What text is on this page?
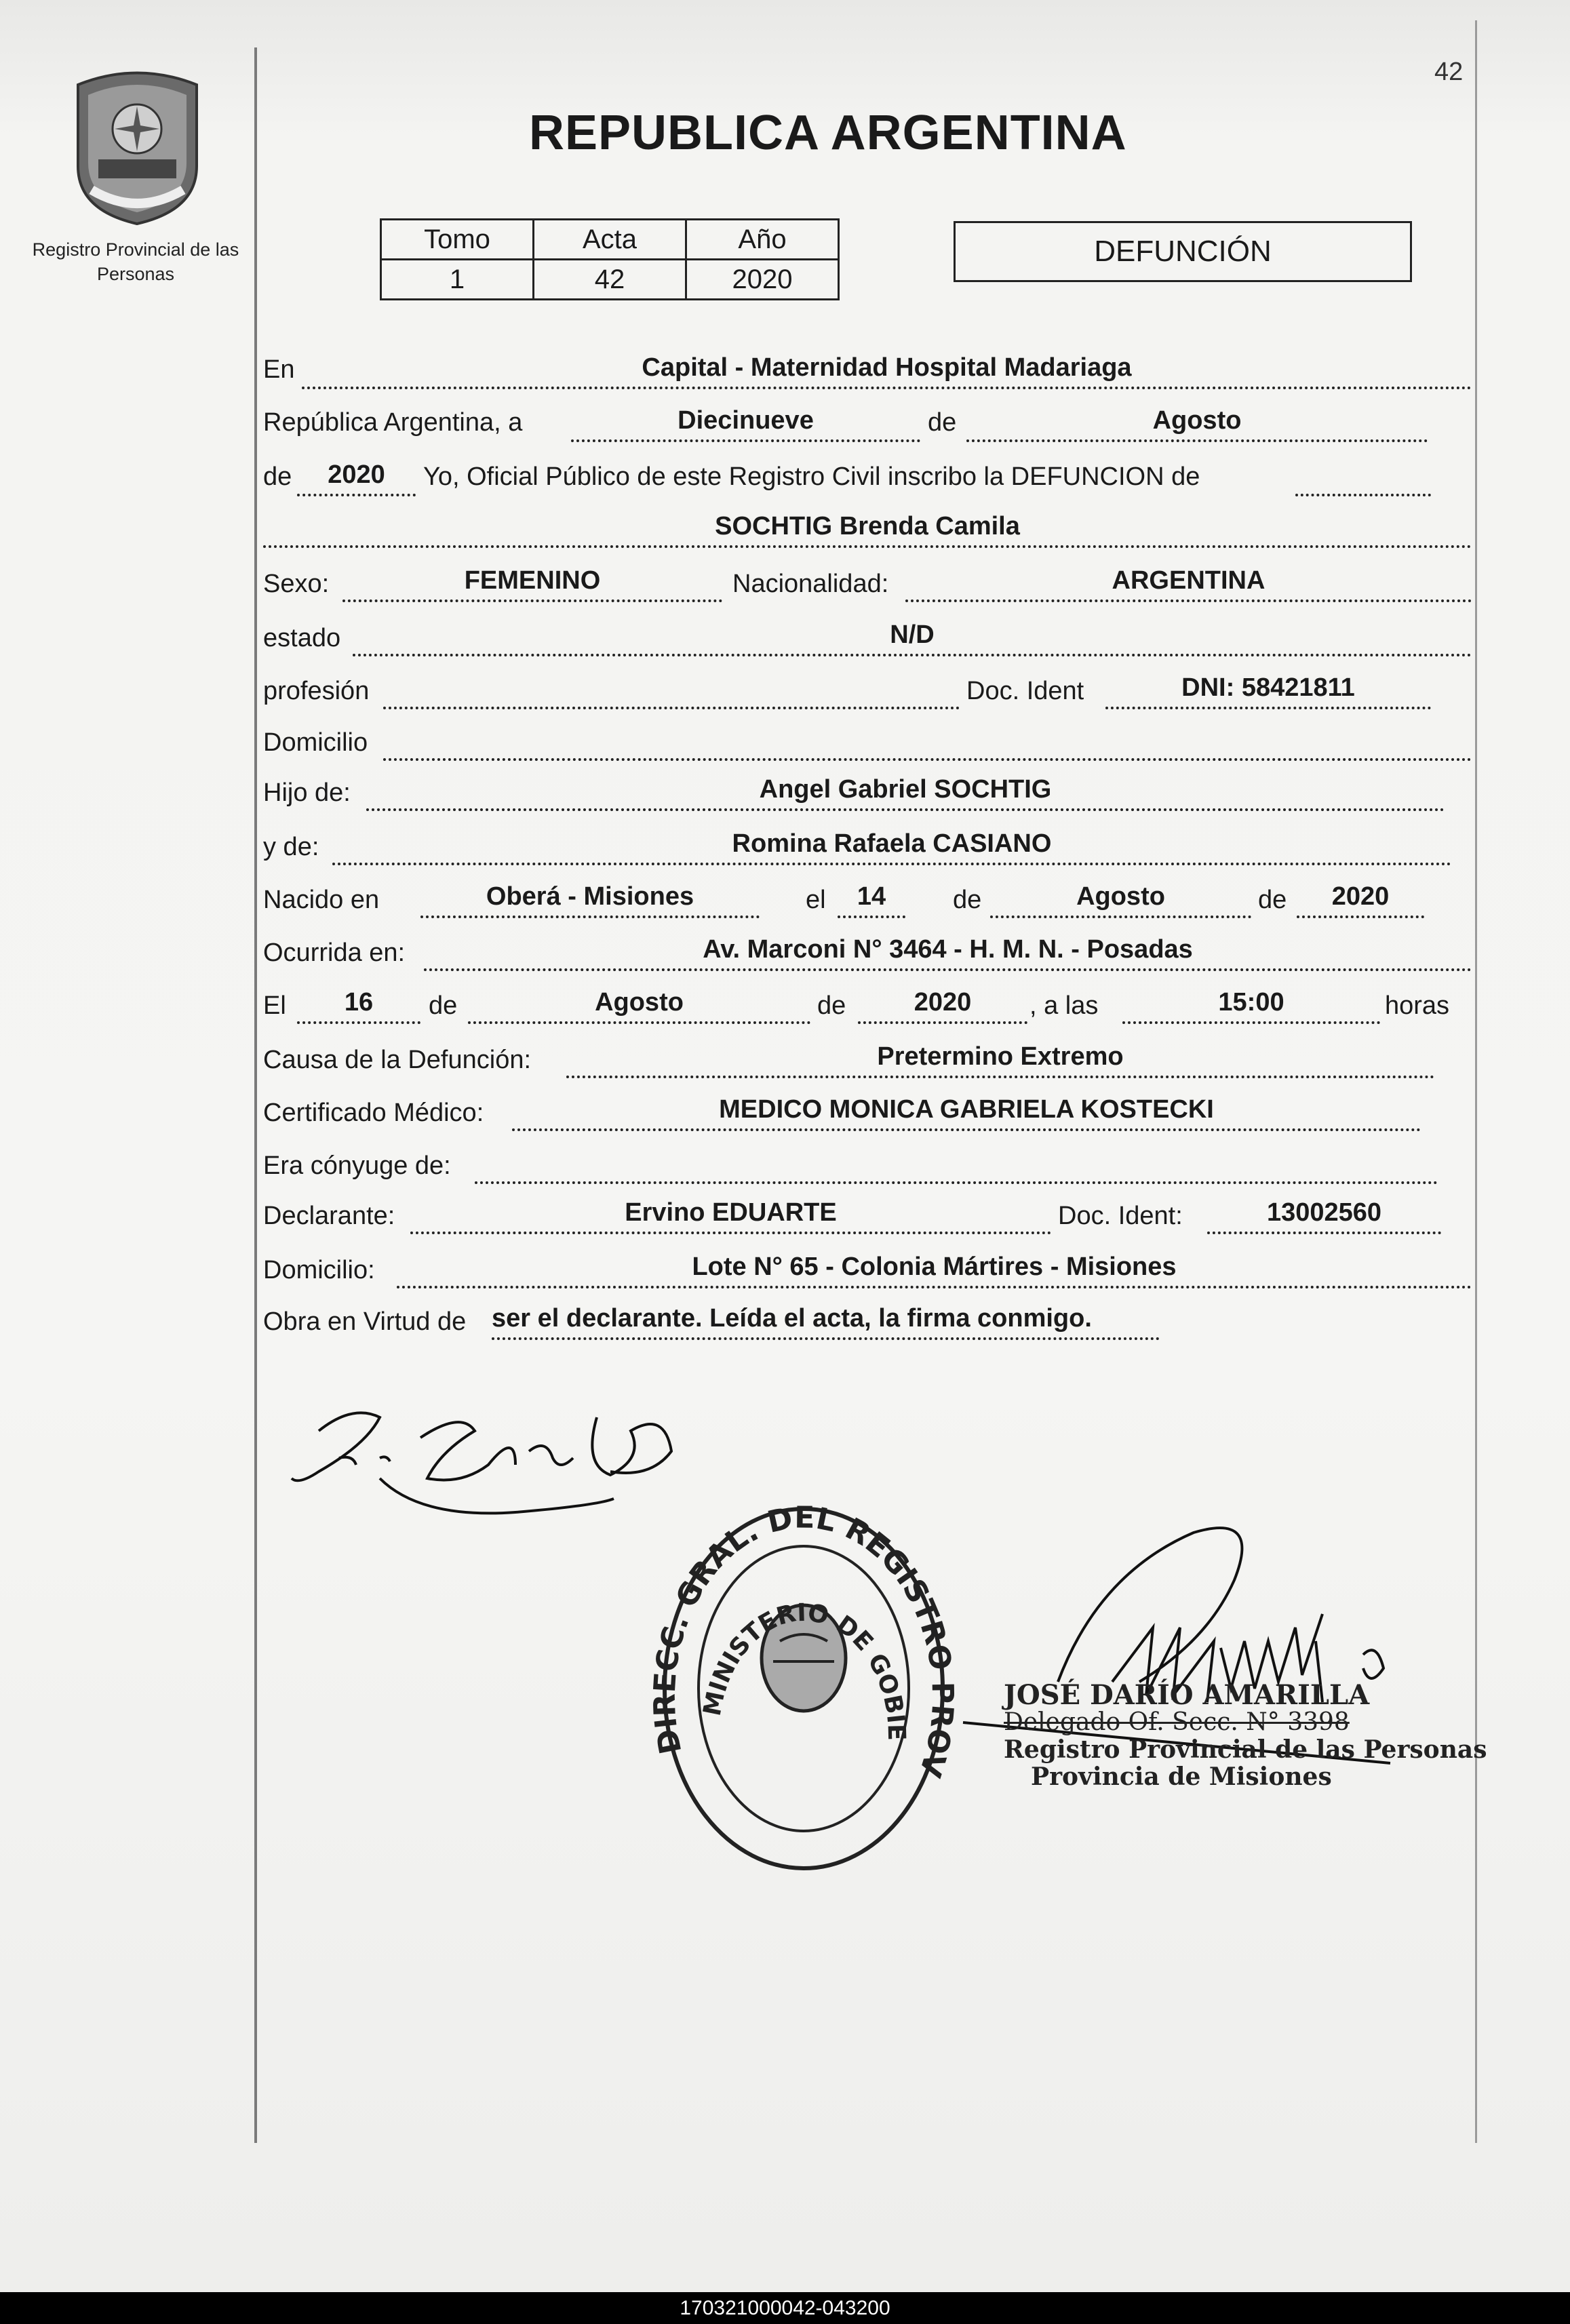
42
Registro Provincial de las Personas
REPUBLICA ARGENTINA
Tomo	Acta	Año
1	42	2020
DEFUNCIÓN
En	Capital - Maternidad Hospital Madariaga
República Argentina, a	Diecinueve	de	Agosto
de	2020	Yo, Oficial Público de este Registro Civil inscribo la DEFUNCION de
SOCHTIG Brenda Camila
Sexo:	FEMENINO	Nacionalidad:	ARGENTINA
estado	N/D
profesión	Doc. Ident	DNI: 58421811
Domicilio
Hijo de:	Angel Gabriel SOCHTIG
y de:	Romina Rafaela CASIANO
Nacido en	Oberá - Misiones	el	14	de	Agosto	de	2020
Ocurrida en:	Av. Marconi N° 3464 - H. M. N. - Posadas
El	16	de	Agosto	de	2020	, a las	15:00	horas
Causa de la Defunción:	Pretermino Extremo
Certificado Médico:	MEDICO MONICA GABRIELA KOSTECKI
Era cónyuge de:
Declarante:	Ervino EDUARTE	Doc. Ident:	13002560
Domicilio:	Lote N° 65 - Colonia Mártires - Misiones
Obra en Virtud de ser el declarante. Leída el acta, la firma conmigo.
DIRECC. GRAL. DEL REGISTRO PROV
MINISTERIO DE GOBIE
JOSÉ DARÍO AMARILLA
Delegado Of. Secc. N° 3398
Registro Provincial de las Personas
Provincia de Misiones
170321000042-043200
